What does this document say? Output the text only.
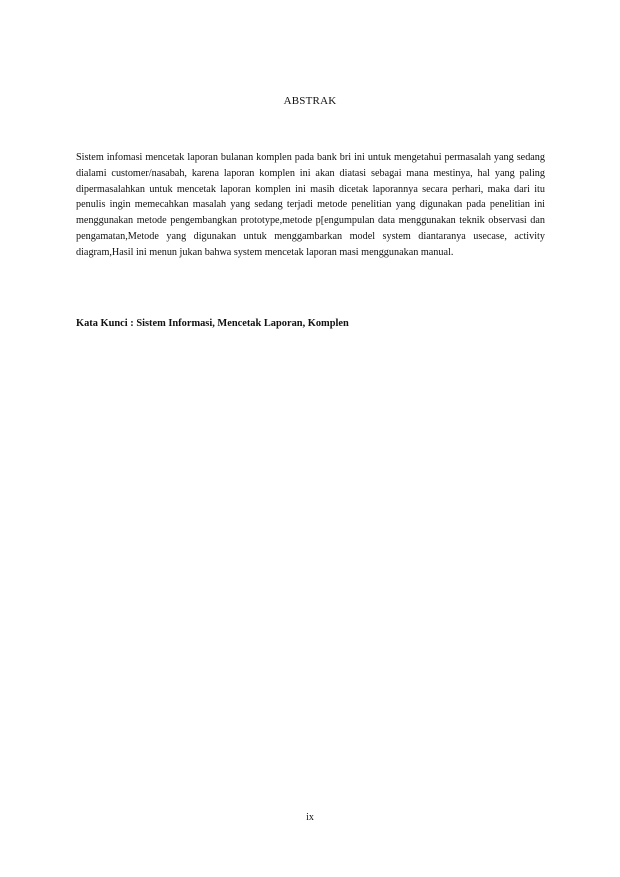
ABSTRAK

Sistem infomasi mencetak laporan bulanan komplen pada bank bri ini untuk mengetahui permasalah yang sedang dialami customer/nasabah, karena laporan komplen ini akan diatasi sebagai mana mestinya, hal yang paling dipermasalahkan untuk mencetak laporan komplen ini masih dicetak laporannya secara perhari, maka dari itu penulis ingin memecahkan masalah yang sedang terjadi metode penelitian yang digunakan pada penelitian ini menggunakan metode pengembangkan prototype,metode p[engumpulan data menggunakan teknik observasi dan pengamatan,Metode yang digunakan untuk menggambarkan model system diantaranya usecase, activity diagram,Hasil ini menun jukan bahwa system mencetak laporan masi menggunakan manual.

Kata Kunci : Sistem Informasi, Mencetak Laporan, Komplen

ix
